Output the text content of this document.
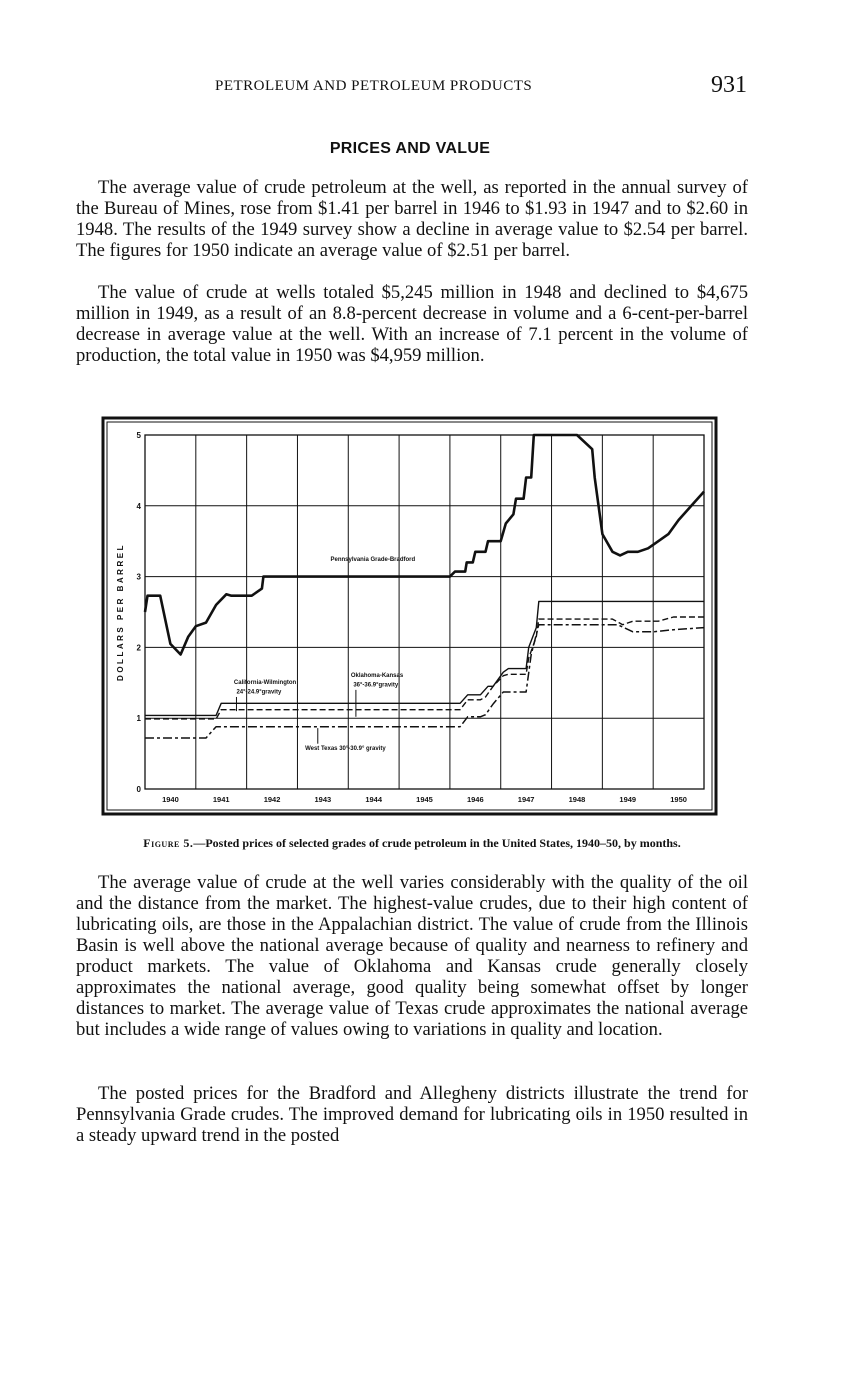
PETROLEUM AND PETROLEUM PRODUCTS	931
PRICES AND VALUE

The average value of crude petroleum at the well, as reported in the annual survey of the Bureau of Mines, rose from $1.41 per barrel in 1946 to $1.93 in 1947 and to $2.60 in 1948. The results of the 1949 survey show a decline in average value to $2.54 per barrel. The figures for 1950 indicate an average value of $2.51 per barrel.

The value of crude at wells totaled $5,245 million in 1948 and declined to $4,675 million in 1949, as a result of an 8.8-percent decrease in volume and a 6-cent-per-barrel decrease in average value at the well. With an increase of 7.1 percent in the volume of production, the total value in 1950 was $4,959 million.

0
1
2
3
4
5
1940	1941	1942	1943	1944	1945	1946	1947	1948	1949	1950
DOLLARS PER BARREL	Pennsylvania Grade-Bradford
California-Wilmington
24°-24.9°gravity
Oklahoma-Kansas
36°-36.9°gravity
West Texas 30°-30.9° gravity
Figure 5.—Posted prices of selected grades of crude petroleum in the United States, 1940–50, by months.

The average value of crude at the well varies considerably with the quality of the oil and the distance from the market. The highest-value crudes, due to their high content of lubricating oils, are those in the Appalachian district. The value of crude from the Illinois Basin is well above the national average because of quality and nearness to refinery and product markets. The value of Oklahoma and Kansas crude generally closely approximates the national average, good quality being somewhat offset by longer distances to market. The average value of Texas crude approximates the national average but includes a wide range of values owing to variations in quality and location.

The posted prices for the Bradford and Allegheny districts illustrate the trend for Pennsylvania Grade crudes. The improved demand for lubricating oils in 1950 resulted in a steady upward trend in the posted
